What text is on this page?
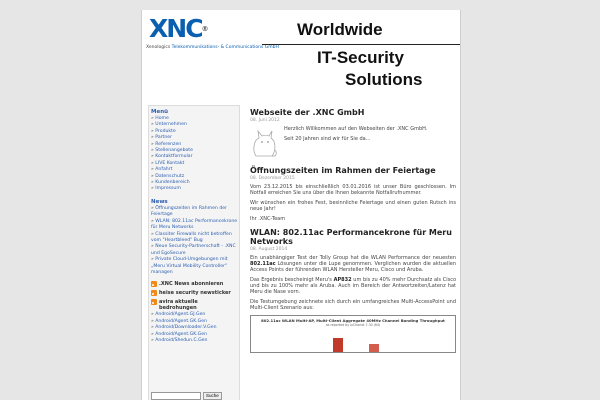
XNC®
Xenologics Telekommunikations- & Communications GmbH
Worldwide
IT-Security
Solutions
Menü
» Home
» Unternehmen
» Produkte
» Partner
» Referenzen
» Stellenangebote
» Kontaktformular
» LIVE Kontakt
» Anfahrt
» Datenschutz
» Kundenbereich
» Impressum
News
» Öffnungszeiten im Rahmen der Feiertage
» WLAN: 802.11ac Performancekrone für Meru Networks
» Classiter Firewalls nicht betroffen vom "Heartbleed" Bug
» Neue Security-Partnerschaft - .XNC und EgoSecure
» Private Cloud-Umgebungen mit „Meru Virtual Mobility Controller" managen
.XNC News abonnieren
heise security newsticker
avira aktuelle bedrohungen
» Android/Agent.GJ.Gen
» Android/Agent.GK.Gen
» Android/Downloader.V.Gen
» Android/Agent.GK.Gen
» Android/Shedun.C.Gen
Suche
Webseite der .XNC GmbH
08. Juni 2012

Herzlich Willkommen auf den Webseiten der .XNC GmbH.

Seit 20 Jahren sind wir für Sie da...

Öffnungszeiten im Rahmen der Feiertage
08. Dezember 2015

Vom 23.12.2015 bis einschließlich 03.01.2016 ist unser Büro geschlossen. Im Notfall erreichen Sie uns über die Ihnen bekannte Notfallrufnummer.

Wir wünschen ein frohes Fest, besinnliche Feiertage und einen guten Rutsch ins neue Jahr!

Ihr .XNC-Team

WLAN: 802.11ac Performancekrone für Meru Networks
08. August 2014

Ein unabhängiger Test der Tolly Group hat die WLAN Performance der neuesten 802.11ac Lösungen unter die Lupe genommen. Verglichen wurden die aktuellen Access Points der führenden WLAN Hersteller Meru, Cisco und Aruba.

Das Ergebnis bescheinigt Meru's AP832 um bis zu 40% mehr Durchsatz als Cisco und bis zu 100% mehr als Aruba. Auch im Bereich der Antwortzeiten/Latenz hat Meru die Nase vorn.

Die Testumgebung zeichnete sich durch ein umfangreiches Multi-AccessPoint und Multi-Client Szenario aus:

802.11ac WLAN Multi-AP, Multi-Client Aggregate 40MHz Channel Bonding Throughput
as reported by IxChariot 7.30 (64)
